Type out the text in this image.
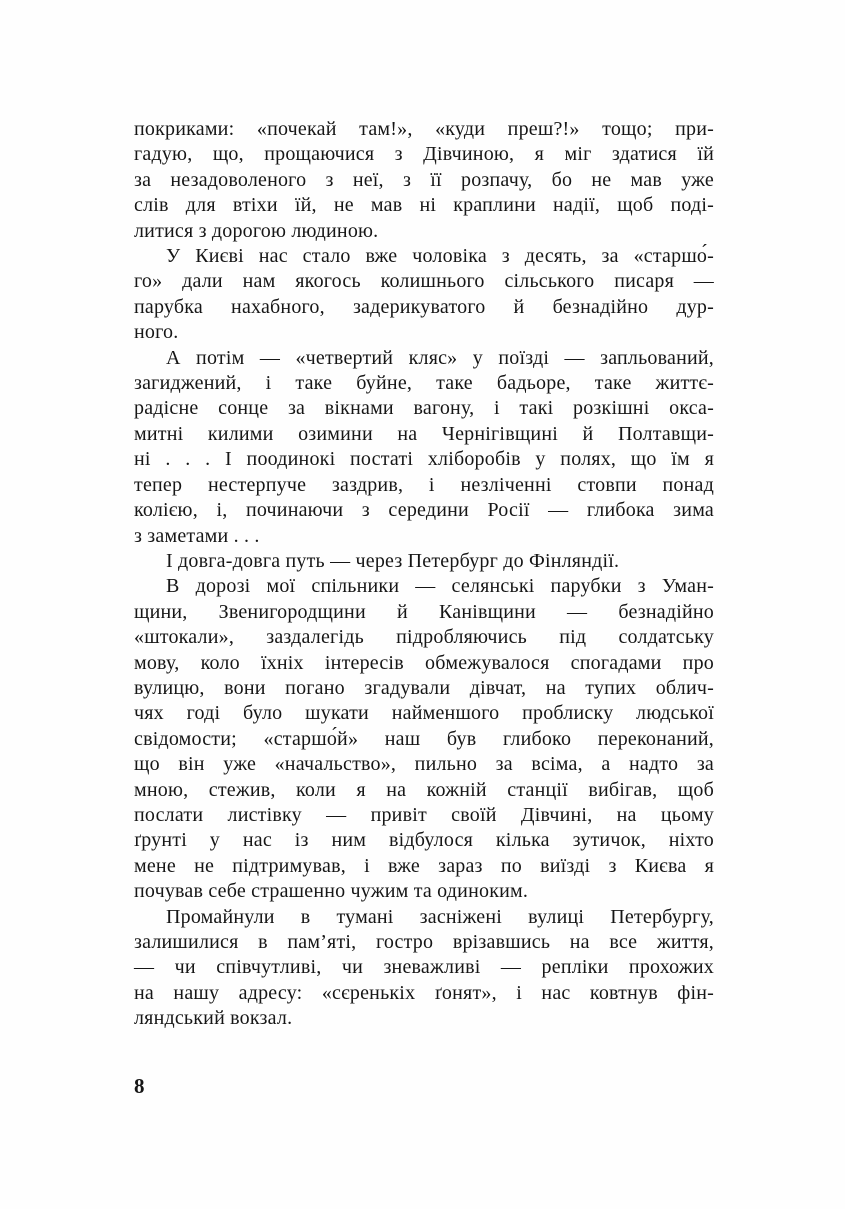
покриками: «почекай там!», «куди преш?!» тощо; при-
гадую, що, прощаючися з Дівчиною, я міг здатися їй
за незадоволеного з неї, з її розпачу, бо не мав уже
слів для втіхи їй, не мав ні краплини надії, щоб поді-
литися з дорогою людиною.
У Києві нас стало вже чоловіка з десять, за «старшо́-
го» дали нам якогось колишнього сільського писаря —
парубка нахабного, задерикуватого й безнадійно дур-
ного.
А потім — «четвертий кляс» у поїзді — запльований,
загиджений, і таке буйне, таке бадьоре, таке життє-
радісне сонце за вікнами вагону, і такі розкішні окса-
митні килими озимини на Чернігівщині й Полтавщи-
ні . . . І поодинокі постаті хліборобів у полях, що їм я
тепер нестерпуче заздрив, і незліченні стовпи понад
колією, і, починаючи з середини Росії — глибока зима
з заметами . . .
І довга-довга путь — через Петербург до Фінляндії.
В дорозі мої спільники — селянські парубки з Уман-
щини, Звенигородщини й Канівщини — безнадійно
«штокали», заздалегідь підробляючись під солдатську
мову, коло їхніх інтересів обмежувалося спогадами про
вулицю, вони погано згадували дівчат, на тупих облич-
чях годі було шукати найменшого проблиску людської
свідомости; «старшо́й» наш був глибоко переконаний,
що він уже «начальство», пильно за всіма, а надто за
мною, стежив, коли я на кожній станції вибігав, щоб
послати листівку — привіт своїй Дівчині, на цьому
ґрунті у нас із ним відбулося кілька зутичок, ніхто
мене не підтримував, і вже зараз по виїзді з Києва я
почував себе страшенно чужим та одиноким.
Промайнули в тумані засніжені вулиці Петербургу,
залишилися в пам’яті, гостро врізавшись на все життя,
— чи співчутливі, чи зневажливі — репліки прохожих
на нашу адресу: «сєренькіх ґонят», і нас ковтнув фін-
ляндський вокзал.
8
